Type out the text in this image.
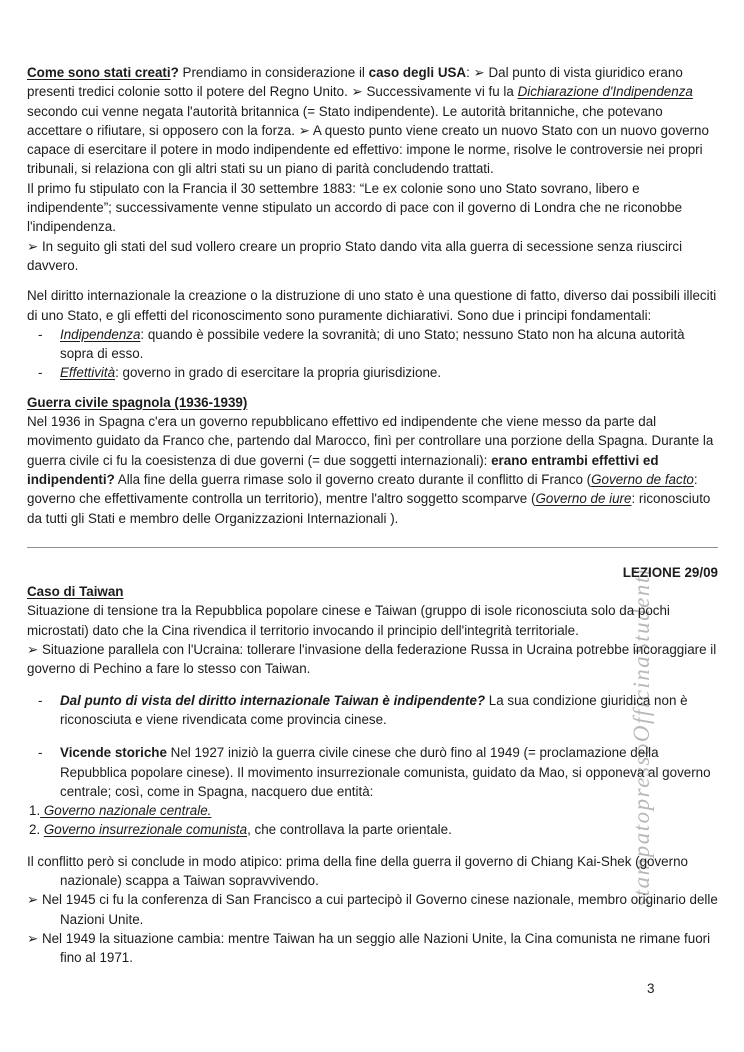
stampatopressoOfficinaStudenti
Come sono stati creati? Prendiamo in considerazione il caso degli USA: ➢ Dal punto di vista giuridico erano presenti tredici colonie sotto il potere del Regno Unito. ➢ Successivamente vi fu la Dichiarazione d'Indipendenza secondo cui venne negata l'autorità britannica (= Stato indipendente). Le autorità britanniche, che potevano accettare o rifiutare, si opposero con la forza. ➢ A questo punto viene creato un nuovo Stato con un nuovo governo capace di esercitare il potere in modo indipendente ed effettivo: impone le norme, risolve le controversie nei propri tribunali, si relaziona con gli altri stati su un piano di parità concludendo trattati.
Il primo fu stipulato con la Francia il 30 settembre 1883: “Le ex colonie sono uno Stato sovrano, libero e indipendente”; successivamente venne stipulato un accordo di pace con il governo di Londra che ne riconobbe l'indipendenza.
➢ In seguito gli stati del sud vollero creare un proprio Stato dando vita alla guerra di secessione senza riuscirci davvero.
Nel diritto internazionale la creazione o la distruzione di uno stato è una questione di fatto, diverso dai possibili illeciti di uno Stato, e gli effetti del riconoscimento sono puramente dichiarativi. Sono due i principi fondamentali:
- Indipendenza: quando è possibile vedere la sovranità; di uno Stato; nessuno Stato non ha alcuna autorità sopra di esso.
- Effettività: governo in grado di esercitare la propria giurisdizione.
Guerra civile spagnola (1936-1939)
Nel 1936 in Spagna c'era un governo repubblicano effettivo ed indipendente che viene messo da parte dal movimento guidato da Franco che, partendo dal Marocco, finì per controllare una porzione della Spagna. Durante la guerra civile ci fu la coesistenza di due governi (= due soggetti internazionali): erano entrambi effettivi ed indipendenti? Alla fine della guerra rimase solo il governo creato durante il conflitto di Franco (Governo de facto: governo che effettivamente controlla un territorio), mentre l'altro soggetto scomparve (Governo de iure: riconosciuto da tutti gli Stati e membro delle Organizzazioni Internazionali ).
LEZIONE 29/09
Caso di Taiwan
Situazione di tensione tra la Repubblica popolare cinese e Taiwan (gruppo di isole riconosciuta solo da pochi microstati) dato che la Cina rivendica il territorio invocando il principio dell'integrità territoriale.
➢ Situazione parallela con l'Ucraina: tollerare l'invasione della federazione Russa in Ucraina potrebbe incoraggiare il governo di Pechino a fare lo stesso con Taiwan.
- Dal punto di vista del diritto internazionale Taiwan è indipendente? La sua condizione giuridica non è riconosciuta e viene rivendicata come provincia cinese.
- Vicende storiche Nel 1927 iniziò la guerra civile cinese che durò fino al 1949 (= proclamazione della Repubblica popolare cinese). Il movimento insurrezionale comunista, guidato da Mao, si opponeva al governo centrale; così, come in Spagna, nacquero due entità:
1. Governo nazionale centrale.
2. Governo insurrezionale comunista, che controllava la parte orientale.
Il conflitto però si conclude in modo atipico: prima della fine della guerra il governo di Chiang Kai-Shek (governo nazionale) scappa a Taiwan sopravvivendo.
➢ Nel 1945 ci fu la conferenza di San Francisco a cui partecipò il Governo cinese nazionale, membro originario delle Nazioni Unite.
➢ Nel 1949 la situazione cambia: mentre Taiwan ha un seggio alle Nazioni Unite, la Cina comunista ne rimane fuori fino al 1971.
3
